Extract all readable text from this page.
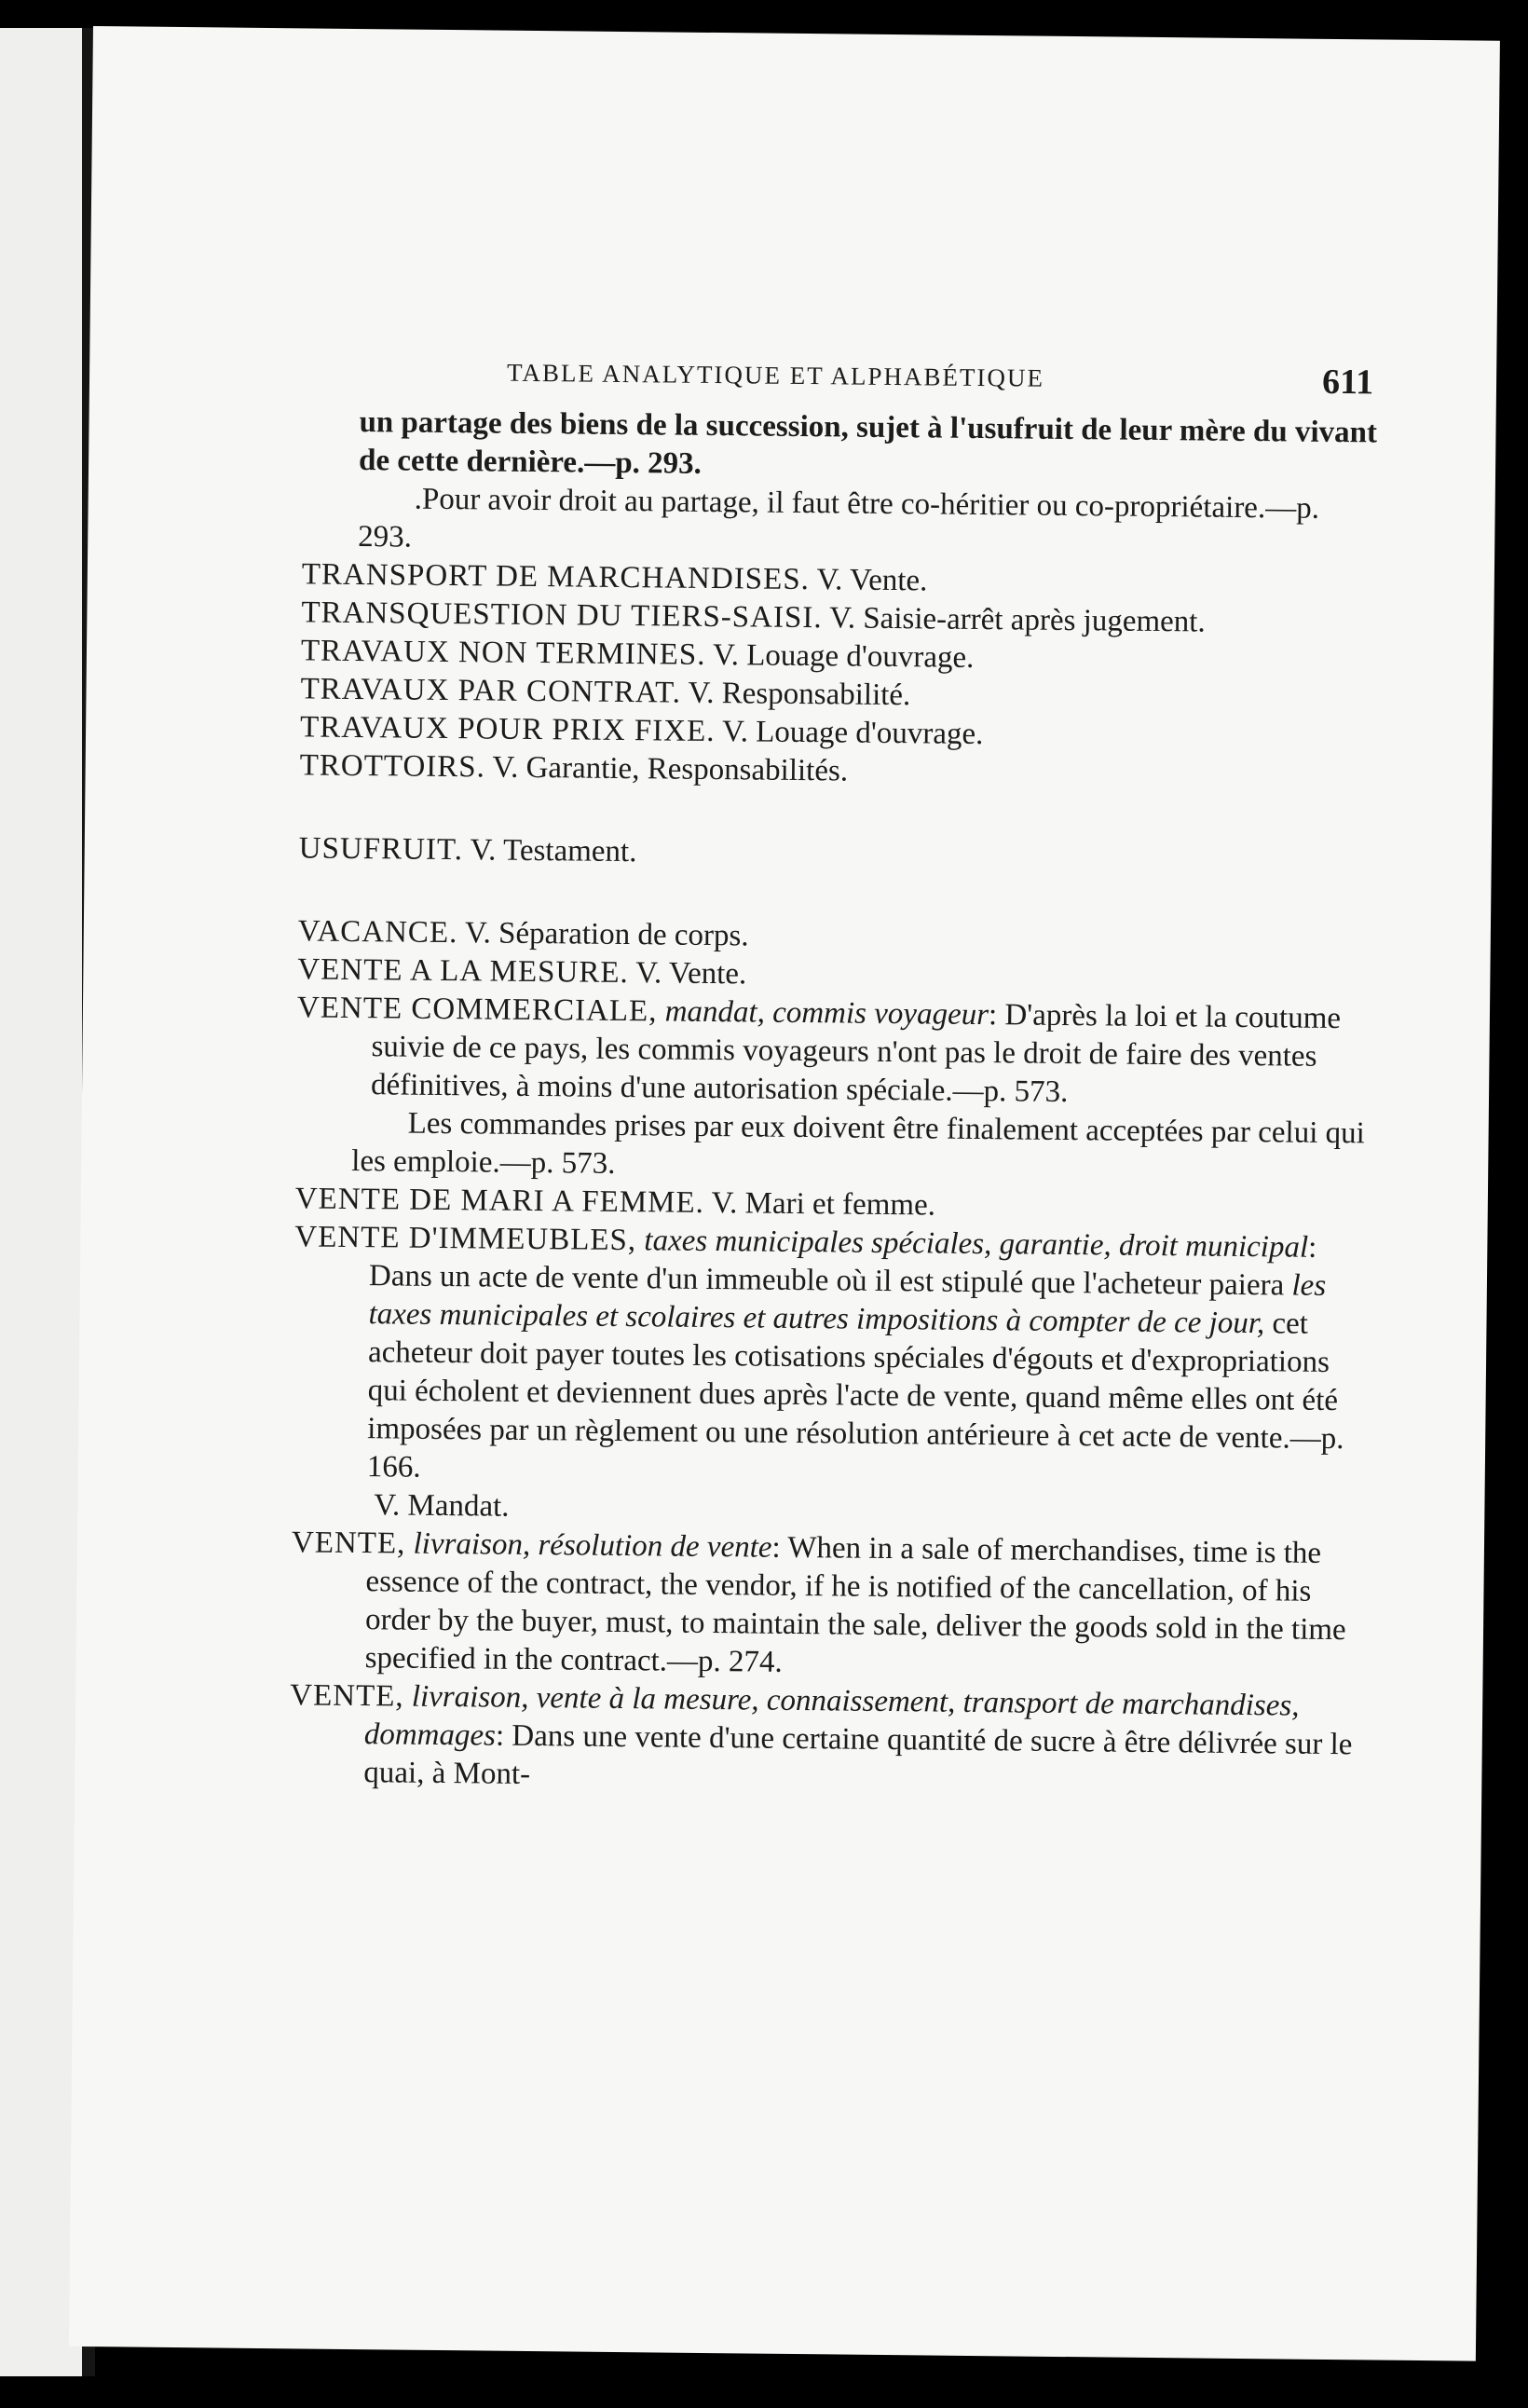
TABLE ANALYTIQUE ET ALPHABÉTIQUE	611

un partage des biens de la succession, sujet à l'usufruit de leur mère du vivant de cette dernière.—p. 293.

.Pour avoir droit au partage, il faut être co-héritier ou co-propriétaire.—p. 293.

TRANSPORT DE MARCHANDISES. V. Vente.

TRANSQUESTION DU TIERS-SAISI. V. Saisie-arrêt après jugement.

TRAVAUX NON TERMINES. V. Louage d'ouvrage.

TRAVAUX PAR CONTRAT. V. Responsabilité.

TRAVAUX POUR PRIX FIXE. V. Louage d'ouvrage.

TROTTOIRS. V. Garantie, Responsabilités.

USUFRUIT. V. Testament.

VACANCE. V. Séparation de corps.

VENTE A LA MESURE. V. Vente.

VENTE COMMERCIALE, mandat, commis voyageur: D'après la loi et la coutume suivie de ce pays, les commis voyageurs n'ont pas le droit de faire des ventes définitives, à moins d'une autorisation spéciale.—p. 573.

Les commandes prises par eux doivent être finalement acceptées par celui qui les emploie.—p. 573.

VENTE DE MARI A FEMME. V. Mari et femme.

VENTE D'IMMEUBLES, taxes municipales spéciales, garantie, droit municipal: Dans un acte de vente d'un immeuble où il est stipulé que l'acheteur paiera les taxes municipales et scolaires et autres impositions à compter de ce jour, cet acheteur doit payer toutes les cotisations spéciales d'égouts et d'expropriations qui écholent et deviennent dues après l'acte de vente, quand même elles ont été imposées par un règlement ou une résolution antérieure à cet acte de vente.—p. 166.

V. Mandat.

VENTE, livraison, résolution de vente: When in a sale of merchandises, time is the essence of the contract, the vendor, if he is notified of the cancellation, of his order by the buyer, must, to maintain the sale, deliver the goods sold in the time specified in the contract.—p. 274.

VENTE, livraison, vente à la mesure, connaissement, transport de marchandises, dommages: Dans une vente d'une certaine quantité de sucre à être délivrée sur le quai, à Mont-
